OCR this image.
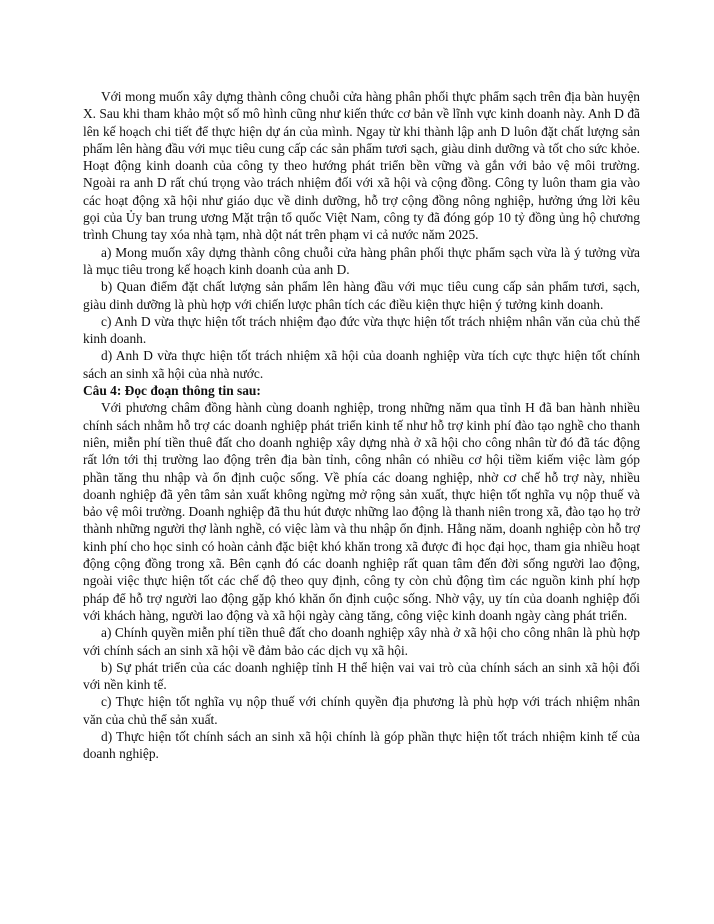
Với mong muốn xây dựng thành công chuỗi cửa hàng phân phối thực phẩm sạch trên địa bàn huyện X. Sau khi tham khảo một số mô hình cũng như kiến thức cơ bản về lĩnh vực kinh doanh này. Anh D đã lên kế hoạch chi tiết để thực hiện dự án của mình. Ngay từ khi thành lập anh D luôn đặt chất lượng sản phẩm lên hàng đầu với mục tiêu cung cấp các sản phẩm tươi sạch, giàu dinh dưỡng và tốt cho sức khỏe. Hoạt động kinh doanh của công ty theo hướng phát triển bền vững và gắn với bảo vệ môi trường. Ngoài ra anh D rất chú trọng vào trách nhiệm đối với xã hội và cộng đồng. Công ty luôn tham gia vào các hoạt động xã hội như giáo dục về dinh dưỡng, hỗ trợ cộng đồng nông nghiệp, hưởng ứng lời kêu gọi của Ủy ban trung ương Mặt trận tổ quốc Việt Nam, công ty đã đóng góp 10 tỷ đồng ủng hộ chương trình Chung tay xóa nhà tạm, nhà dột nát trên phạm vi cả nước năm 2025.

a) Mong muốn xây dựng thành công chuỗi cửa hàng phân phối thực phẩm sạch vừa là ý tưởng vừa là mục tiêu trong kế hoạch kinh doanh của anh D.

b) Quan điểm đặt chất lượng sản phẩm lên hàng đầu với mục tiêu cung cấp sản phẩm tươi, sạch, giàu dinh dưỡng là phù hợp với chiến lược phân tích các điều kiện thực hiện ý tưởng kinh doanh.

c) Anh D vừa thực hiện tốt trách nhiệm đạo đức vừa thực hiện tốt trách nhiệm nhân văn của chủ thể kinh doanh.

d) Anh D vừa thực hiện tốt trách nhiệm xã hội của doanh nghiệp vừa tích cực thực hiện tốt chính sách an sinh xã hội của nhà nước.

Câu 4: Đọc đoạn thông tin sau:

Với phương châm đồng hành cùng doanh nghiệp, trong những năm qua tỉnh H đã ban hành nhiều chính sách nhằm hỗ trợ các doanh nghiệp phát triển kinh tế như hỗ trợ kinh phí đào tạo nghề cho thanh niên, miễn phí tiền thuê đất cho doanh nghiệp xây dựng nhà ở xã hội cho công nhân từ đó đã tác động rất lớn tới thị trường lao động trên địa bàn tỉnh, công nhân có nhiều cơ hội tiềm kiếm việc làm góp phần tăng thu nhập và ổn định cuộc sống. Về phía các doang nghiệp, nhờ cơ chế hỗ trợ này, nhiều doanh nghiệp đã yên tâm sản xuất không ngừng mở rộng sản xuất, thực hiện tốt nghĩa vụ nộp thuế và bảo vệ môi trường. Doanh nghiệp đã thu hút được những lao động là thanh niên trong xã, đào tạo họ trở thành những người thợ lành nghề, có việc làm và thu nhập ổn định. Hằng năm, doanh nghiệp còn hỗ trợ kinh phí cho học sinh có hoàn cảnh đặc biệt khó khăn trong xã được đi học đại học, tham gia nhiều hoạt động cộng đồng trong xã. Bên cạnh đó các doanh nghiệp rất quan tâm đến đời sống người lao động, ngoài việc thực hiện tốt các chế độ theo quy định, công ty còn chủ động tìm các nguồn kinh phí hợp pháp để hỗ trợ người lao động gặp khó khăn ổn định cuộc sống. Nhờ vậy, uy tín của doanh nghiệp đối với khách hàng, người lao động và xã hội ngày càng tăng, công việc kinh doanh ngày càng phát triển.

a) Chính quyền miễn phí tiền thuê đất cho doanh nghiệp xây nhà ở xã hội cho công nhân là phù hợp với chính sách an sinh xã hội về đảm bảo các dịch vụ xã hội.

b) Sự phát triển của các doanh nghiệp tỉnh H thể hiện vai vai trò của chính sách an sinh xã hội đối với nền kinh tế.

c) Thực hiện tốt nghĩa vụ nộp thuế với chính quyền địa phương là phù hợp với trách nhiệm nhân văn của chủ thể sản xuất.

d) Thực hiện tốt chính sách an sinh xã hội chính là góp phần thực hiện tốt trách nhiệm kinh tế của doanh nghiệp.
